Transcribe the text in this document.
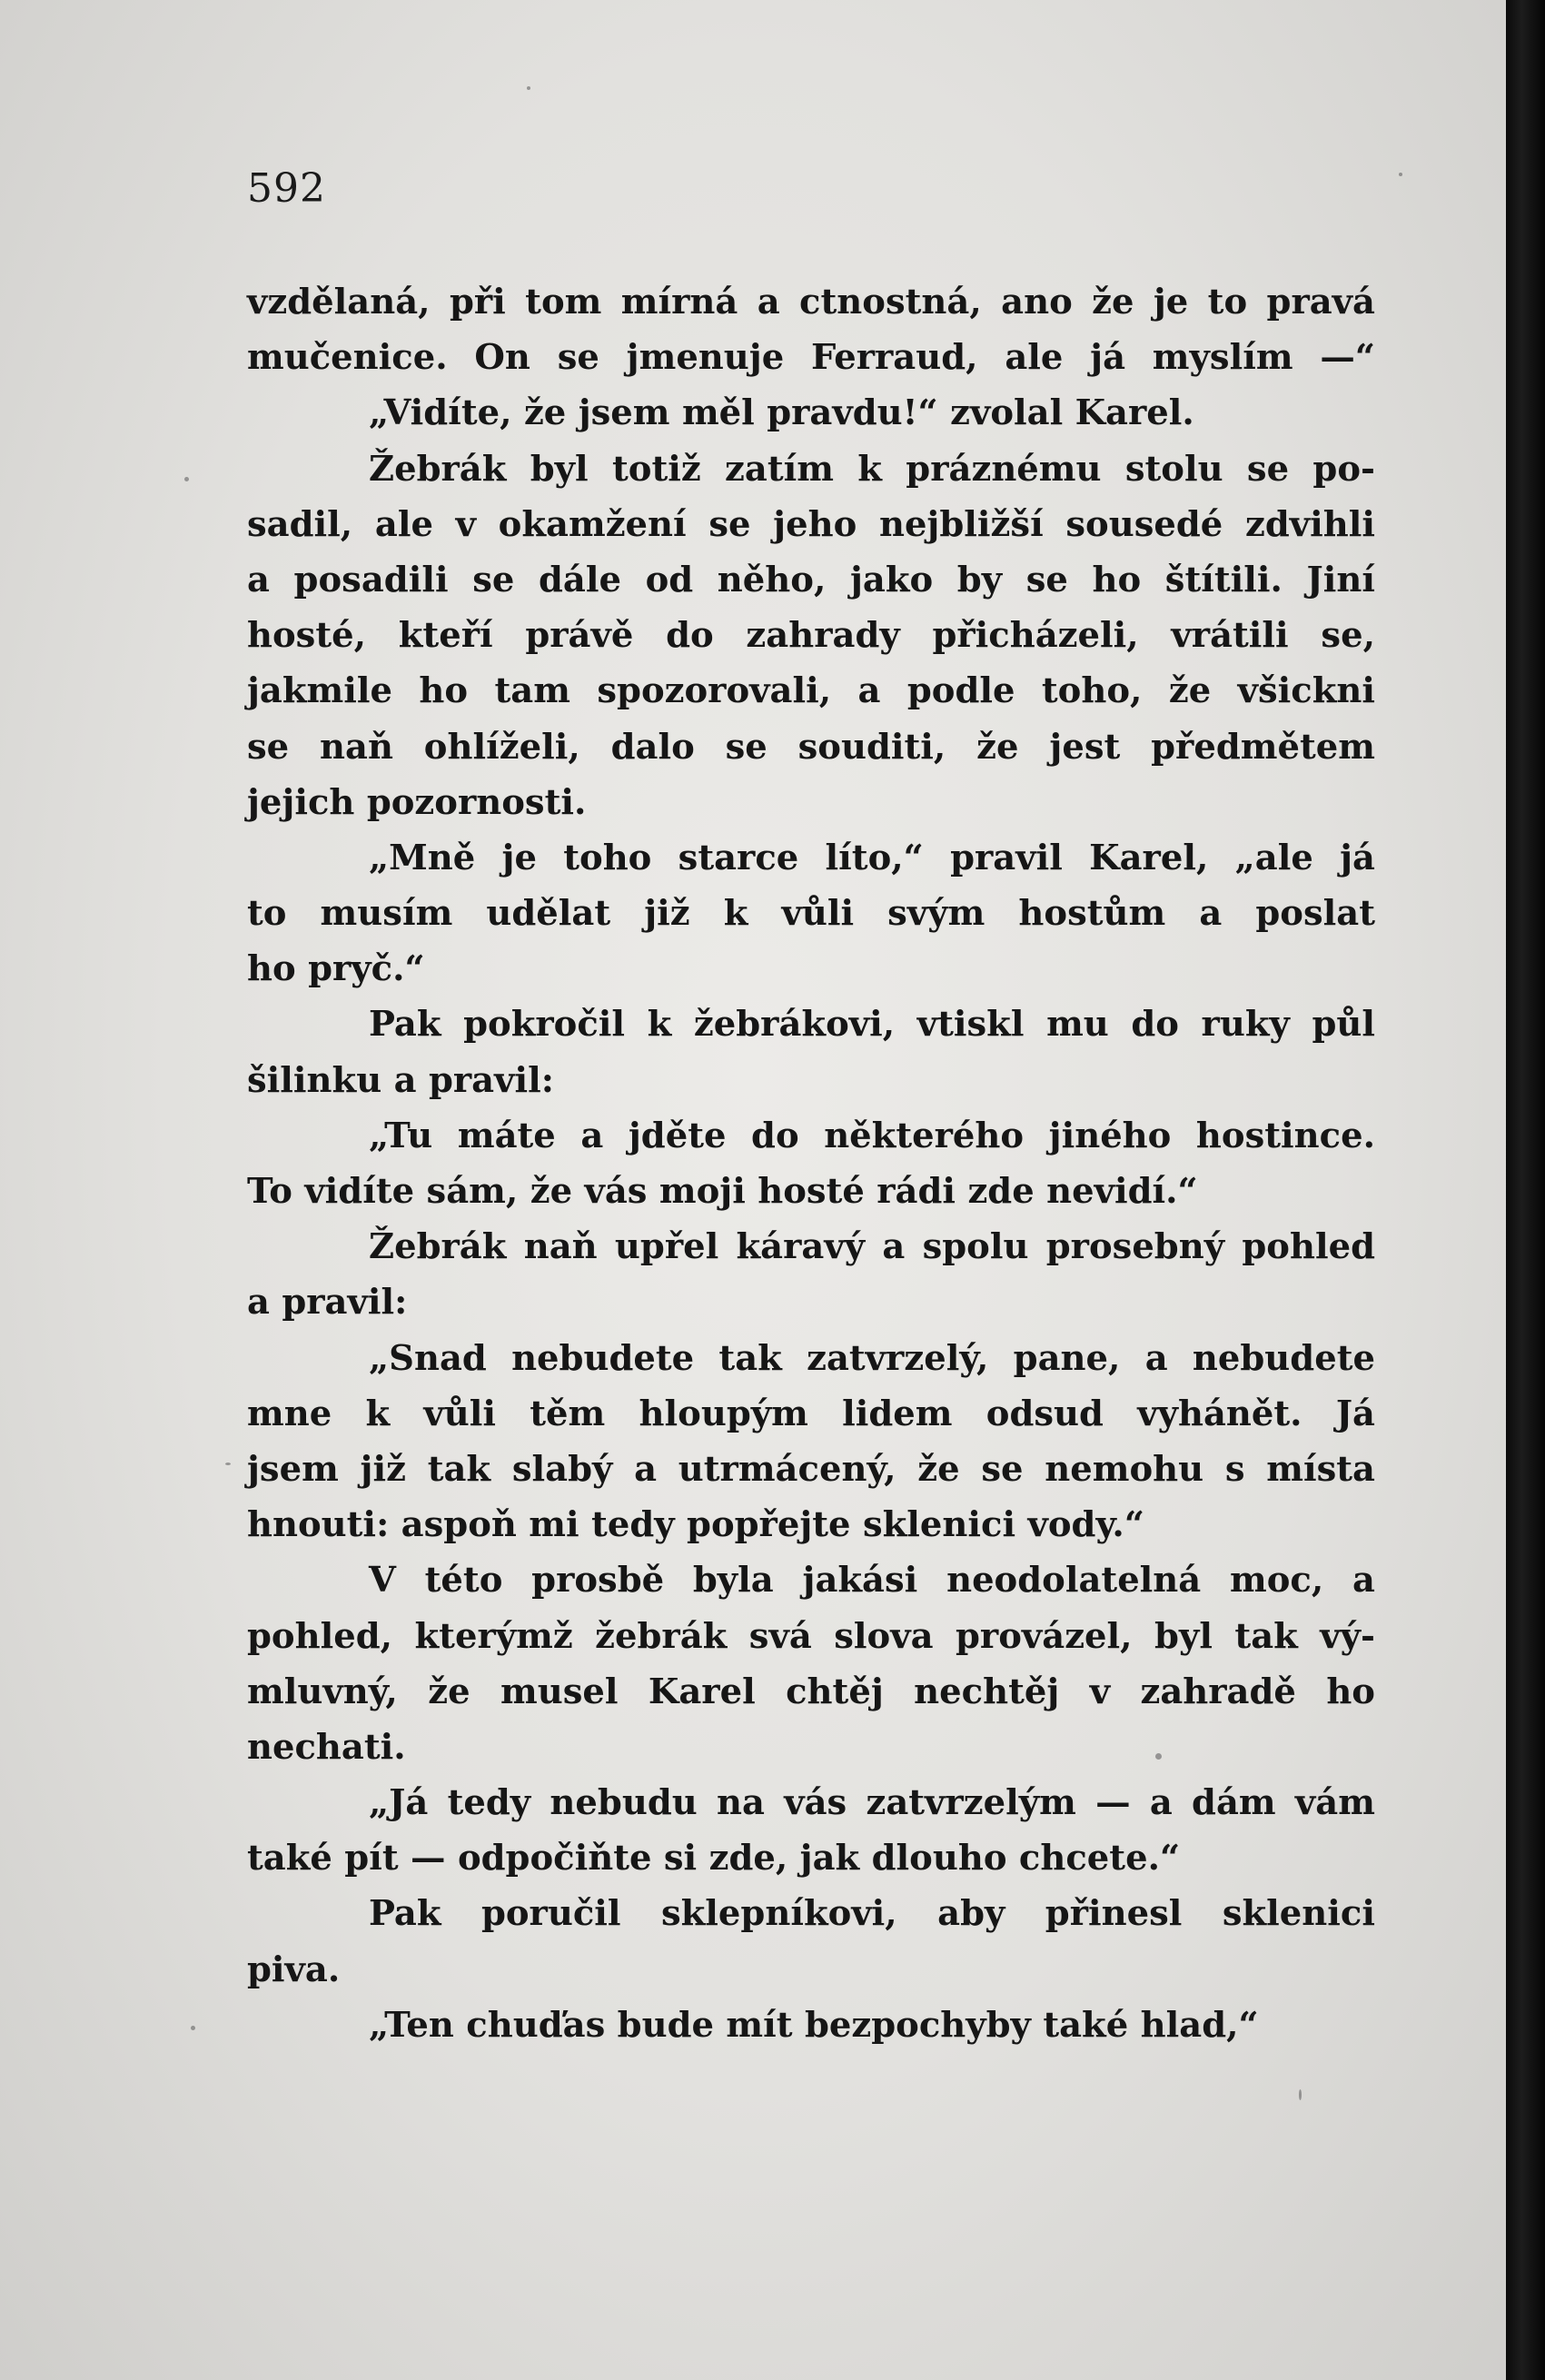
592
vzdělaná, při tom mírná a ctnostná, ano že je to pravá
mučenice. On se jmenuje Ferraud, ale já myslím —“
„Vidíte, že jsem měl pravdu!“ zvolal Karel.
Žebrák byl totiž zatím k práznému stolu se po-
sadil, ale v okamžení se jeho nejbližší sousedé zdvihli
a posadili se dále od něho, jako by se ho štítili. Jiní
hosté, kteří právě do zahrady přicházeli, vrátili se,
jakmile ho tam spozorovali, a podle toho, že všickni
se naň ohlíželi, dalo se souditi, že jest předmětem
jejich pozornosti.
„Mně je toho starce líto,“ pravil Karel, „ale já
to musím udělat již k vůli svým hostům a poslat
ho pryč.“
Pak pokročil k žebrákovi, vtiskl mu do ruky půl
šilinku a pravil:
„Tu máte a jděte do některého jiného hostince.
To vidíte sám, že vás moji hosté rádi zde nevidí.“
Žebrák naň upřel káravý a spolu prosebný pohled
a pravil:
„Snad nebudete tak zatvrzelý, pane, a nebudete
mne k vůli těm hloupým lidem odsud vyhánět. Já
jsem již tak slabý a utrmácený, že se nemohu s místa
hnouti: aspoň mi tedy popřejte sklenici vody.“
V této prosbě byla jakási neodolatelná moc, a
pohled, kterýmž žebrák svá slova provázel, byl tak vý-
mluvný, že musel Karel chtěj nechtěj v zahradě ho
nechati.
„Já tedy nebudu na vás zatvrzelým — a dám vám
také pít — odpočiňte si zde, jak dlouho chcete.“
Pak poručil sklepníkovi, aby přinesl sklenici
piva.
„Ten chuďas bude mít bezpochyby také hlad,“
